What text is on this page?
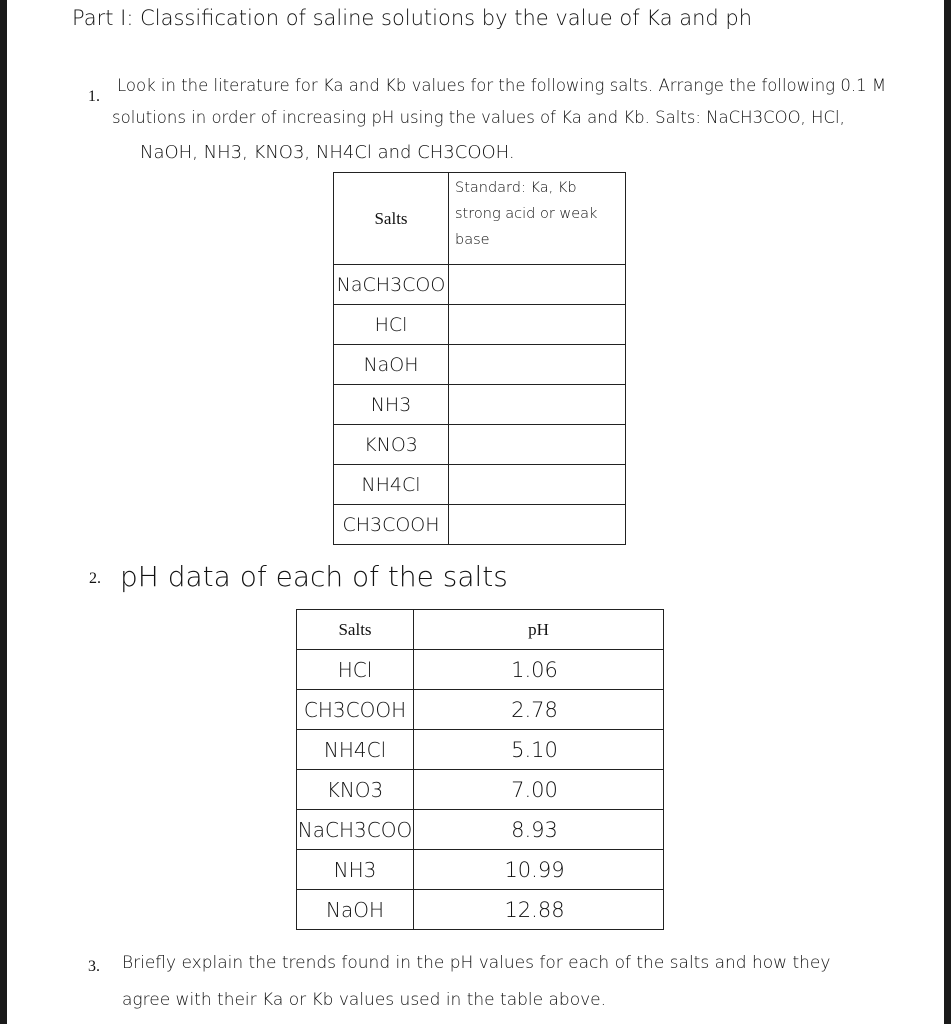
Part I: Classification of saline solutions by the value of Ka and ph
1.
Look in the literature for Ka and Kb values for the following salts. Arrange the following 0.1 M
solutions in order of increasing pH using the values of Ka and Kb. Salts: NaCH3COO, HCl,
NaOH, NH3, KNO3, NH4Cl and CH3COOH.
Salts	Standard: Ka, Kb
strong acid or weak
base

NaCH3COO	
HCl	
NaOH	
NH3	
KNO3	
NH4Cl	
CH3COOH	
2. pH data of each of the salts
Salts	pH
HCl	1.06
CH3COOH	2.78
NH4Cl	5.10
KNO3	7.00
NaCH3COO	8.93
NH3	10.99
NaOH	12.88
3. Briefly explain the trends found in the pH values for each of the salts and how they
agree with their Ka or Kb values used in the table above.
